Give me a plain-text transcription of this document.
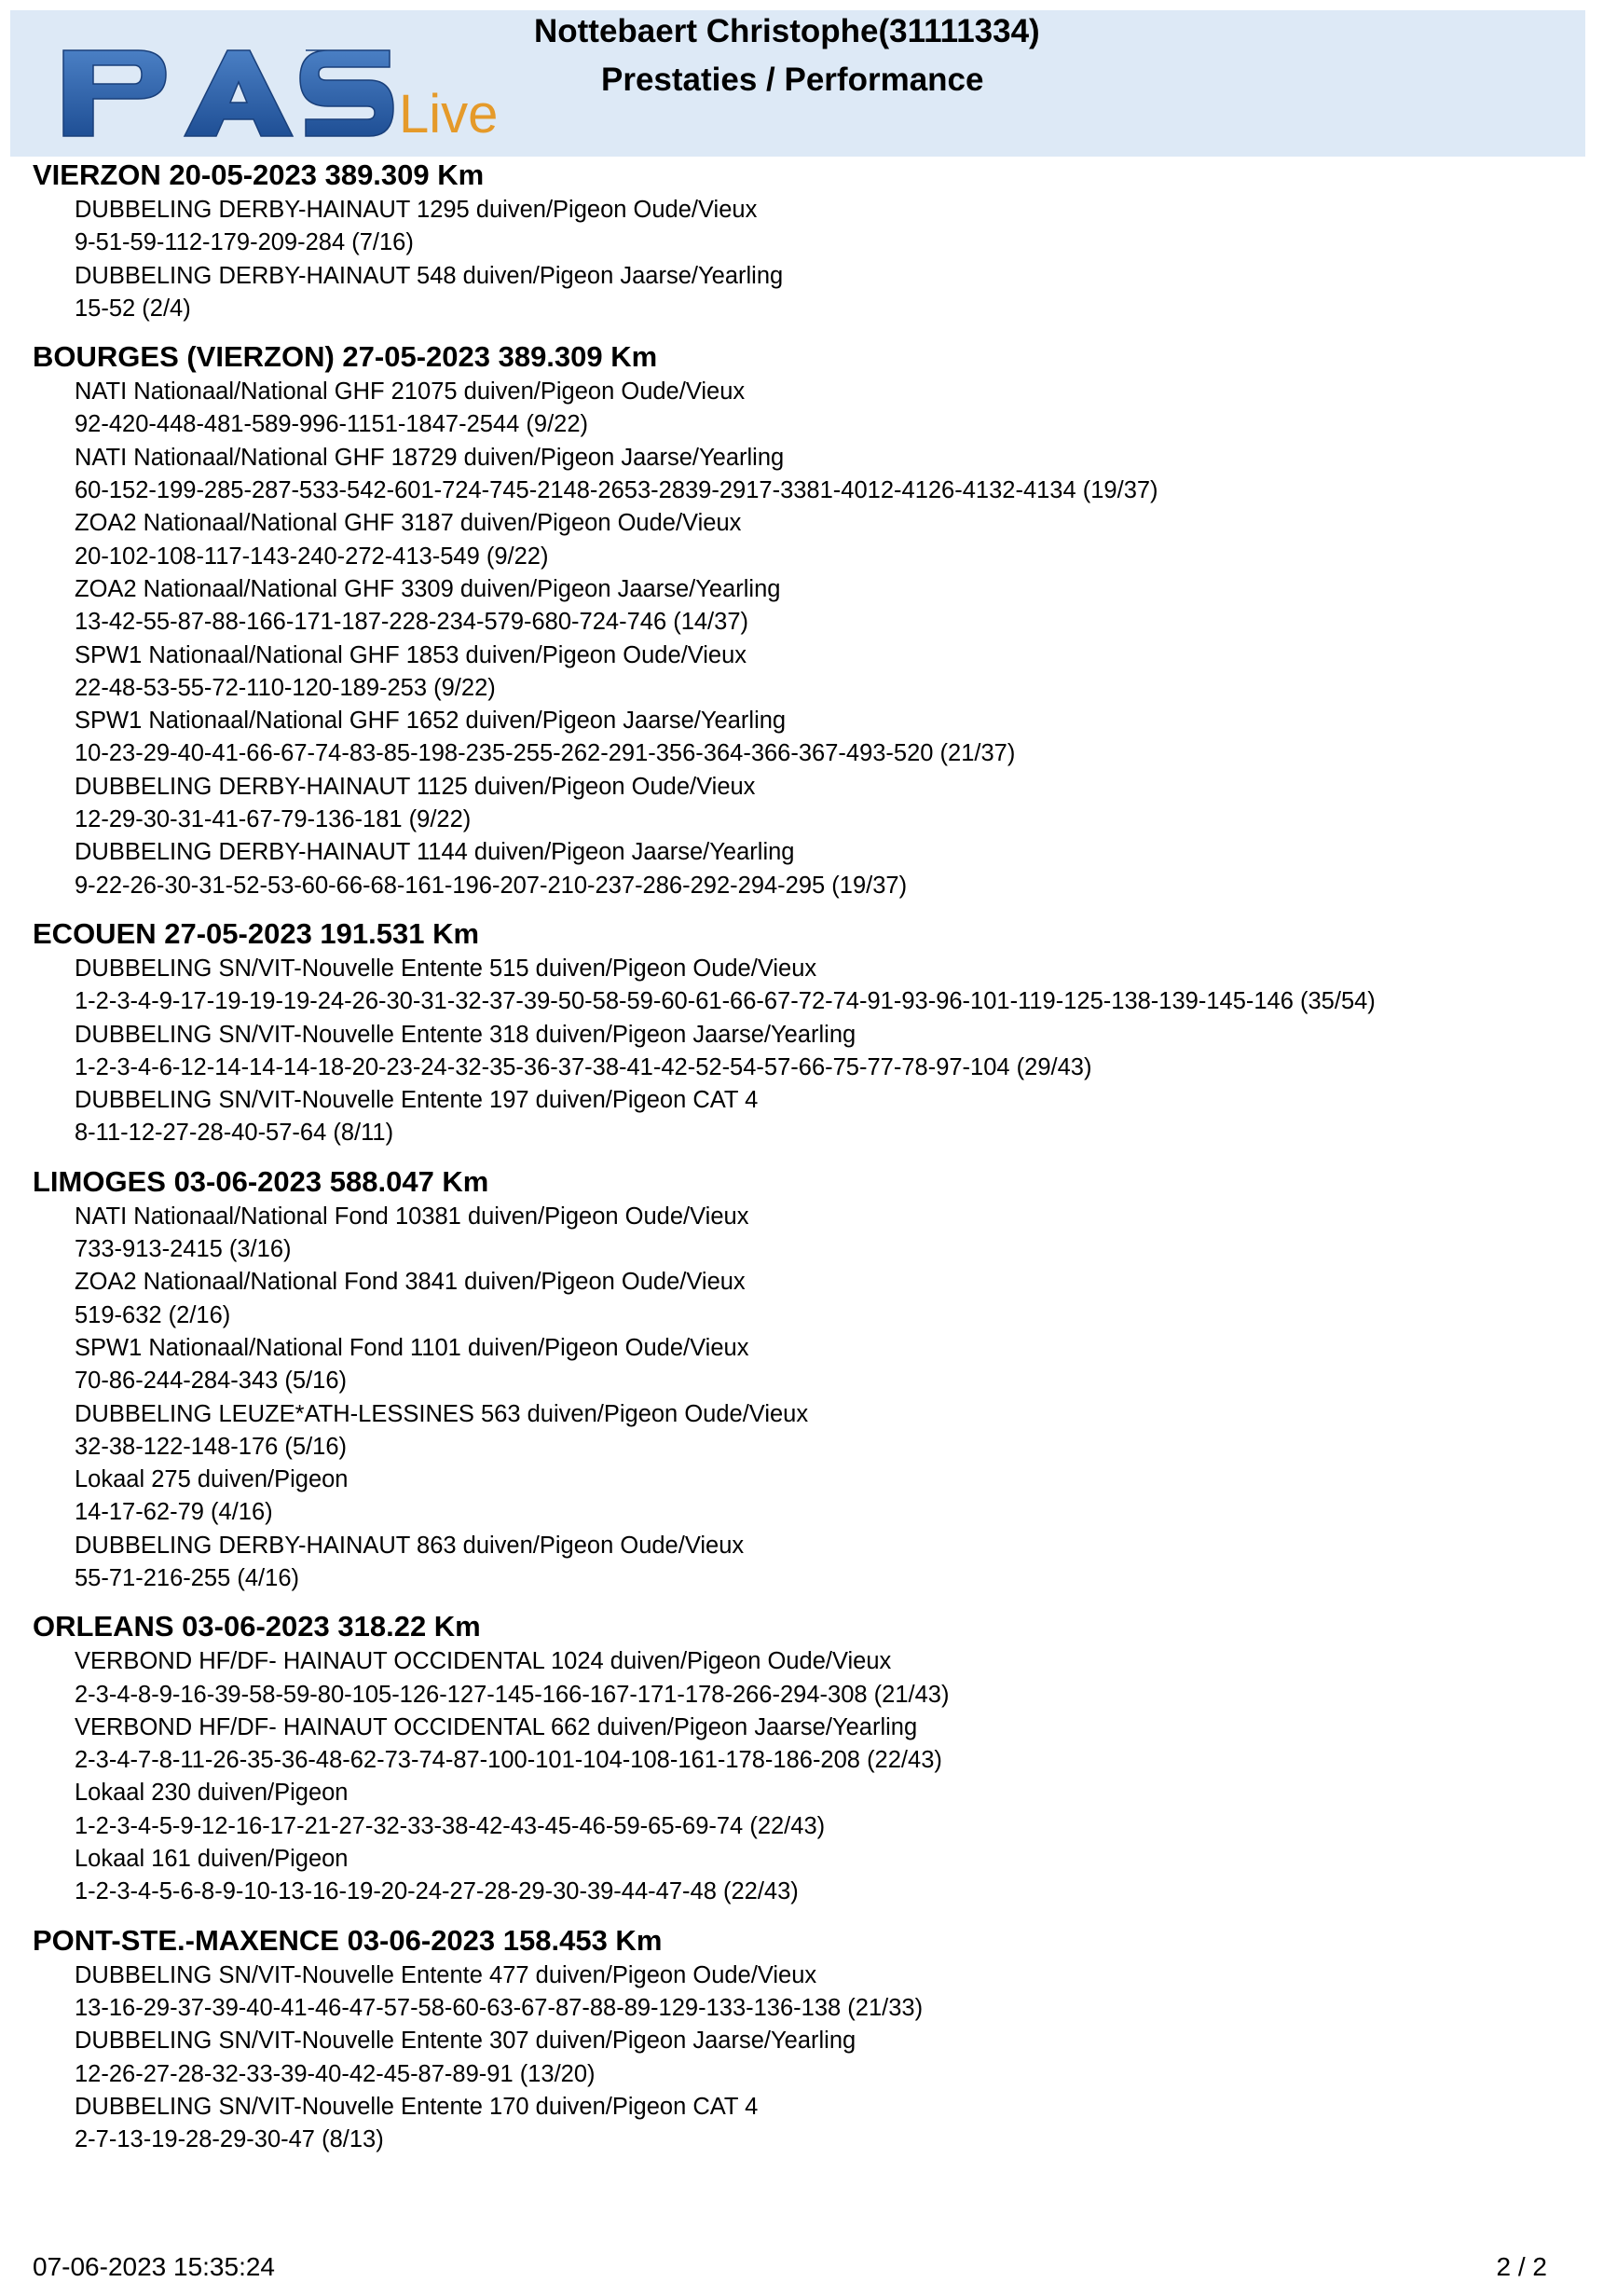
Live
Nottebaert Christophe(31111334)
Prestaties / Performance
VIERZON 20-05-2023 389.309 Km
DUBBELING DERBY-HAINAUT 1295 duiven/Pigeon Oude/Vieux
9-51-59-112-179-209-284 (7/16)
DUBBELING DERBY-HAINAUT 548 duiven/Pigeon Jaarse/Yearling
15-52 (2/4)
BOURGES (VIERZON) 27-05-2023 389.309 Km
NATI Nationaal/National GHF 21075 duiven/Pigeon Oude/Vieux
92-420-448-481-589-996-1151-1847-2544 (9/22)
NATI Nationaal/National GHF 18729 duiven/Pigeon Jaarse/Yearling
60-152-199-285-287-533-542-601-724-745-2148-2653-2839-2917-3381-4012-4126-4132-4134 (19/37)
ZOA2 Nationaal/National GHF 3187 duiven/Pigeon Oude/Vieux
20-102-108-117-143-240-272-413-549 (9/22)
ZOA2 Nationaal/National GHF 3309 duiven/Pigeon Jaarse/Yearling
13-42-55-87-88-166-171-187-228-234-579-680-724-746 (14/37)
SPW1 Nationaal/National GHF 1853 duiven/Pigeon Oude/Vieux
22-48-53-55-72-110-120-189-253 (9/22)
SPW1 Nationaal/National GHF 1652 duiven/Pigeon Jaarse/Yearling
10-23-29-40-41-66-67-74-83-85-198-235-255-262-291-356-364-366-367-493-520 (21/37)
DUBBELING DERBY-HAINAUT 1125 duiven/Pigeon Oude/Vieux
12-29-30-31-41-67-79-136-181 (9/22)
DUBBELING DERBY-HAINAUT 1144 duiven/Pigeon Jaarse/Yearling
9-22-26-30-31-52-53-60-66-68-161-196-207-210-237-286-292-294-295 (19/37)
ECOUEN 27-05-2023 191.531 Km
DUBBELING SN/VIT-Nouvelle Entente 515 duiven/Pigeon Oude/Vieux
1-2-3-4-9-17-19-19-19-24-26-30-31-32-37-39-50-58-59-60-61-66-67-72-74-91-93-96-101-119-125-138-139-145-146 (35/54)
DUBBELING SN/VIT-Nouvelle Entente 318 duiven/Pigeon Jaarse/Yearling
1-2-3-4-6-12-14-14-14-18-20-23-24-32-35-36-37-38-41-42-52-54-57-66-75-77-78-97-104 (29/43)
DUBBELING SN/VIT-Nouvelle Entente 197 duiven/Pigeon CAT 4
8-11-12-27-28-40-57-64 (8/11)
LIMOGES 03-06-2023 588.047 Km
NATI Nationaal/National Fond 10381 duiven/Pigeon Oude/Vieux
733-913-2415 (3/16)
ZOA2 Nationaal/National Fond 3841 duiven/Pigeon Oude/Vieux
519-632 (2/16)
SPW1 Nationaal/National Fond 1101 duiven/Pigeon Oude/Vieux
70-86-244-284-343 (5/16)
DUBBELING LEUZE*ATH-LESSINES 563 duiven/Pigeon Oude/Vieux
32-38-122-148-176 (5/16)
Lokaal 275 duiven/Pigeon
14-17-62-79 (4/16)
DUBBELING DERBY-HAINAUT 863 duiven/Pigeon Oude/Vieux
55-71-216-255 (4/16)
ORLEANS 03-06-2023 318.22 Km
VERBOND HF/DF- HAINAUT OCCIDENTAL 1024 duiven/Pigeon Oude/Vieux
2-3-4-8-9-16-39-58-59-80-105-126-127-145-166-167-171-178-266-294-308 (21/43)
VERBOND HF/DF- HAINAUT OCCIDENTAL 662 duiven/Pigeon Jaarse/Yearling
2-3-4-7-8-11-26-35-36-48-62-73-74-87-100-101-104-108-161-178-186-208 (22/43)
Lokaal 230 duiven/Pigeon
1-2-3-4-5-9-12-16-17-21-27-32-33-38-42-43-45-46-59-65-69-74 (22/43)
Lokaal 161 duiven/Pigeon
1-2-3-4-5-6-8-9-10-13-16-19-20-24-27-28-29-30-39-44-47-48 (22/43)
PONT-STE.-MAXENCE 03-06-2023 158.453 Km
DUBBELING SN/VIT-Nouvelle Entente 477 duiven/Pigeon Oude/Vieux
13-16-29-37-39-40-41-46-47-57-58-60-63-67-87-88-89-129-133-136-138 (21/33)
DUBBELING SN/VIT-Nouvelle Entente 307 duiven/Pigeon Jaarse/Yearling
12-26-27-28-32-33-39-40-42-45-87-89-91 (13/20)
DUBBELING SN/VIT-Nouvelle Entente 170 duiven/Pigeon CAT 4
2-7-13-19-28-29-30-47 (8/13)
07-06-2023 15:35:24	2 / 2
